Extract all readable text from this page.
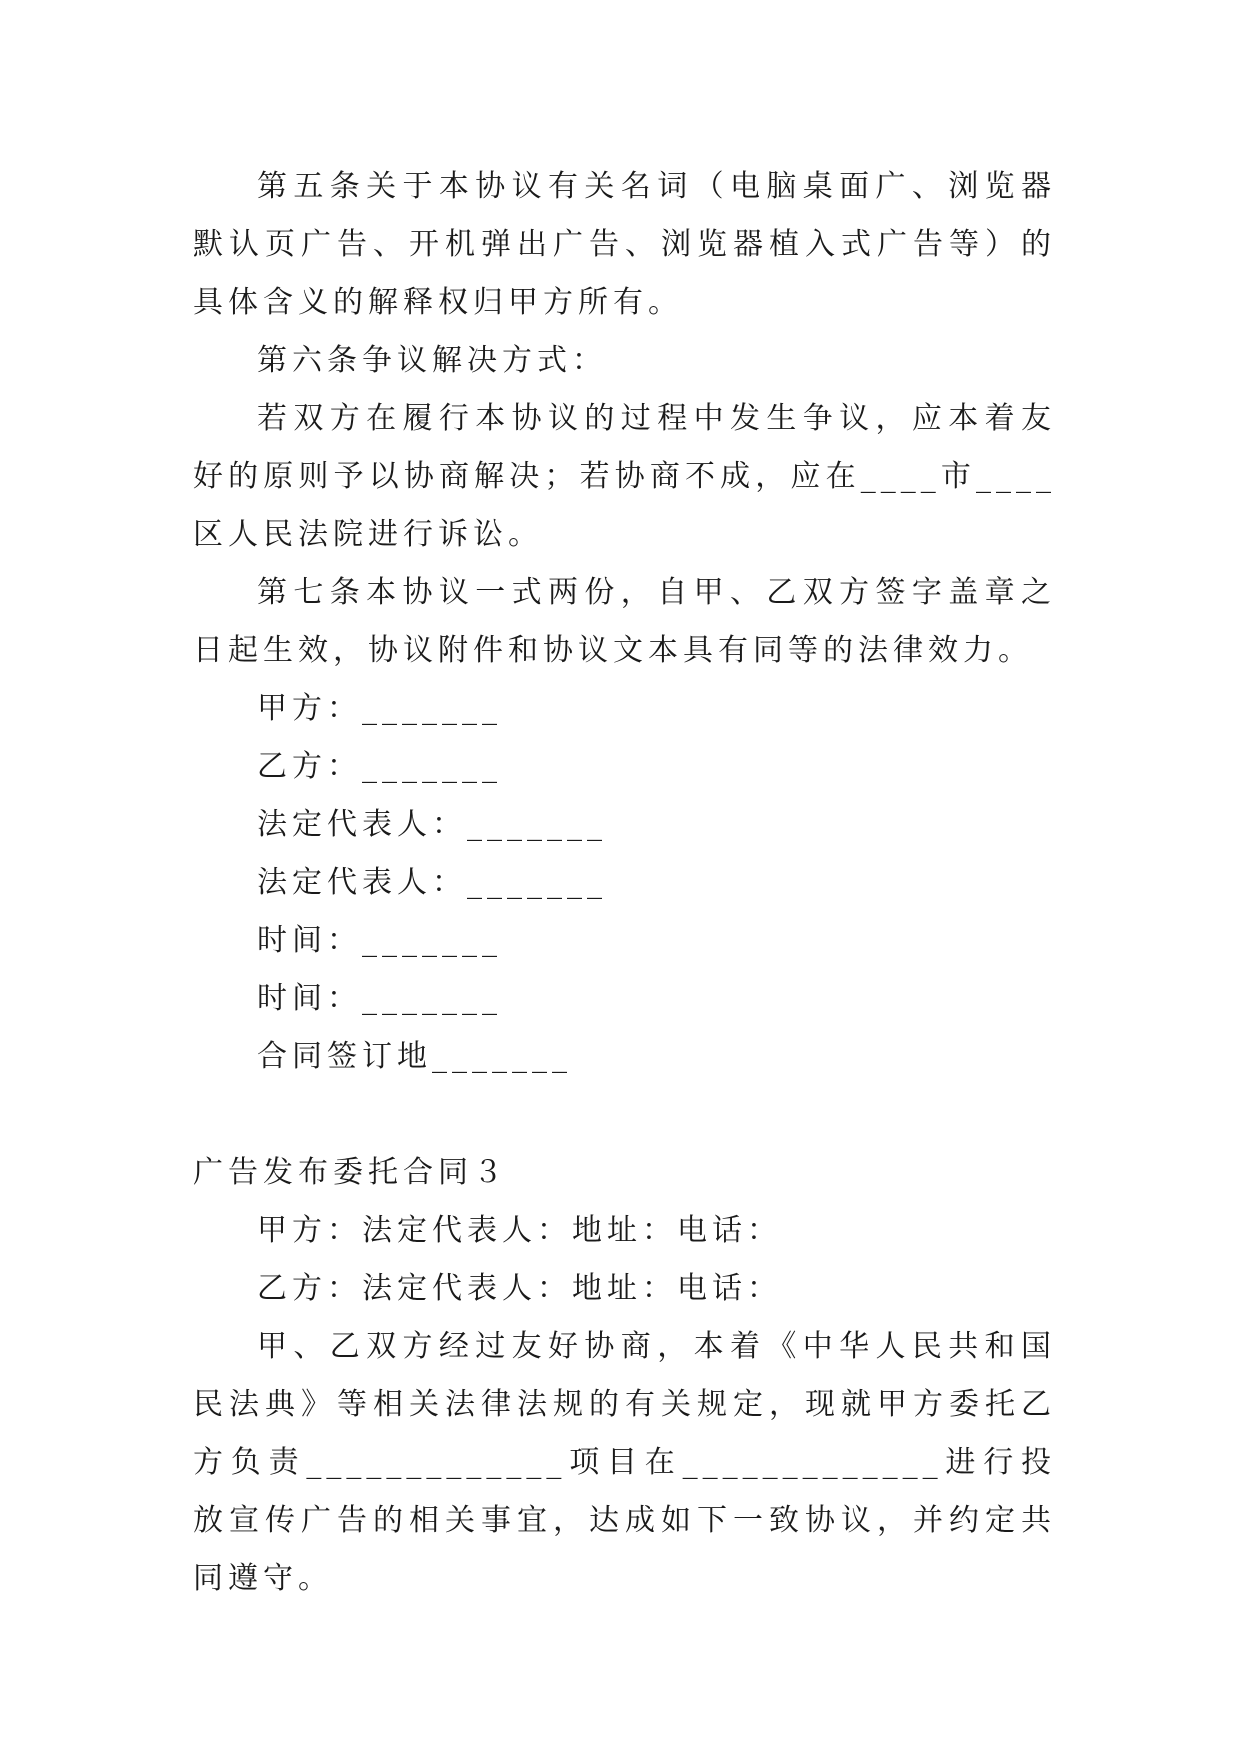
第五条关于本协议有关名词（电脑桌面广、浏览器默认页广告、开机弹出广告、浏览器植入式广告等）的具体含义的解释权归甲方所有。

第六条争议解决方式：

若双方在履行本协议的过程中发生争议，应本着友好的原则予以协商解决；若协商不成，应在____市____区人民法院进行诉讼。

第七条本协议一式两份，自甲、乙双方签字盖章之日起生效，协议附件和协议文本具有同等的法律效力。

甲方：_______

乙方：_______

法定代表人：_______

法定代表人：_______

时间：_______

时间：_______

合同签订地_______

广告发布委托合同３

甲方：法定代表人：地址：电话：

乙方：法定代表人：地址：电话：

甲、乙双方经过友好协商，本着《中华人民共和国民法典》等相关法律法规的有关规定，现就甲方委托乙方负责_____________项目在_____________进行投放宣传广告的相关事宜，达成如下一致协议，并约定共同遵守。
